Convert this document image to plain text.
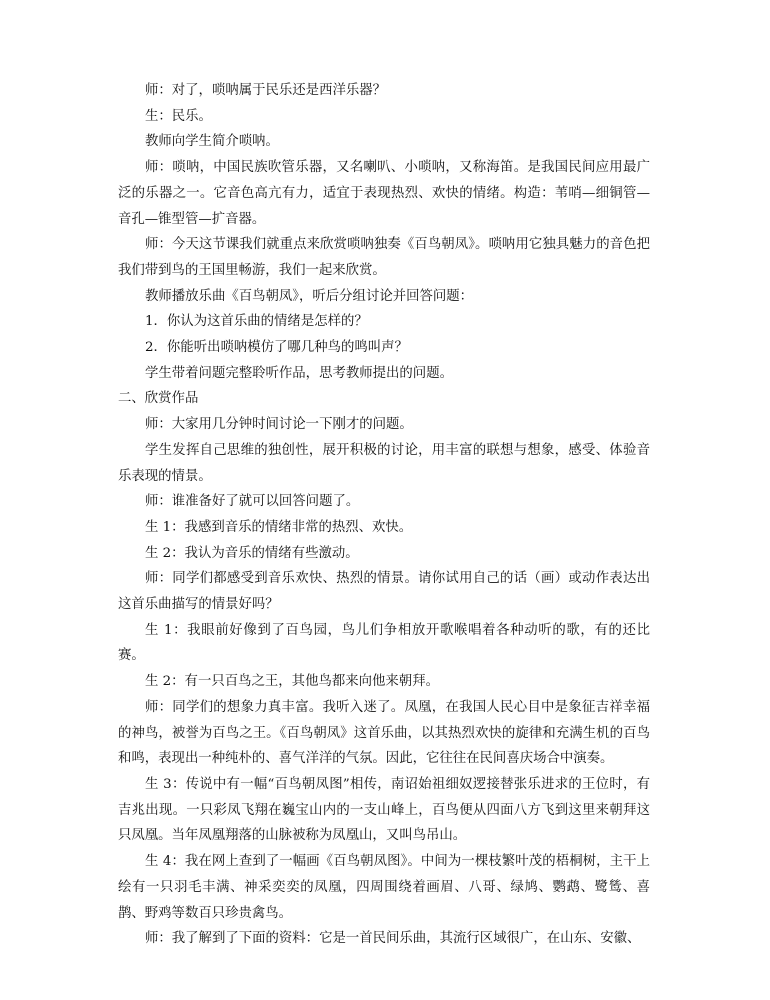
师：对了，唢呐属于民乐还是西洋乐器？

生：民乐。

教师向学生简介唢呐。

师：唢呐，中国民族吹管乐器，又名喇叭、小唢呐，又称海笛。是我国民间应用最广泛的乐器之一。它音色高亢有力，适宜于表现热烈、欢快的情绪。构造：苇哨—细铜管—音孔—锥型管—扩音器。

师：今天这节课我们就重点来欣赏唢呐独奏《百鸟朝凤》。唢呐用它独具魅力的音色把我们带到鸟的王国里畅游，我们一起来欣赏。

教师播放乐曲《百鸟朝凤》，听后分组讨论并回答问题：

1．你认为这首乐曲的情绪是怎样的？

2．你能听出唢呐模仿了哪几种鸟的鸣叫声？

学生带着问题完整聆听作品，思考教师提出的问题。

二、欣赏作品

师：大家用几分钟时间讨论一下刚才的问题。

学生发挥自己思维的独创性，展开积极的讨论，用丰富的联想与想象，感受、体验音乐表现的情景。

师：谁准备好了就可以回答问题了。

生 1：我感到音乐的情绪非常的热烈、欢快。

生 2：我认为音乐的情绪有些激动。

师：同学们都感受到音乐欢快、热烈的情景。请你试用自己的话（画）或动作表达出这首乐曲描写的情景好吗？

生 1：我眼前好像到了百鸟园，鸟儿们争相放开歌喉唱着各种动听的歌，有的还比赛。

生 2：有一只百鸟之王，其他鸟都来向他来朝拜。

师：同学们的想象力真丰富。我听入迷了。凤凰，在我国人民心目中是象征吉祥幸福的神鸟，被誉为百鸟之王。《百鸟朝凤》这首乐曲，以其热烈欢快的旋律和充满生机的百鸟和鸣，表现出一种纯朴的、喜气洋洋的气氛。因此，它往往在民间喜庆场合中演奏。

生 3：传说中有一幅“百鸟朝凤图”相传，南诏始祖细奴逻接替张乐进求的王位时，有吉兆出现。一只彩凤飞翔在巍宝山内的一支山峰上，百鸟便从四面八方飞到这里来朝拜这只凤凰。当年凤凰翔落的山脉被称为凤凰山，又叫鸟吊山。

生 4：我在网上查到了一幅画《百鸟朝凤图》。中间为一棵枝繁叶茂的梧桐树，主干上绘有一只羽毛丰满、神采奕奕的凤凰，四周围绕着画眉、八哥、绿鸠、鹦鹉、鹭鸶、喜鹊、野鸡等数百只珍贵禽鸟。

师：我了解到了下面的资料：它是一首民间乐曲，其流行区域很广，在山东、安徽、
